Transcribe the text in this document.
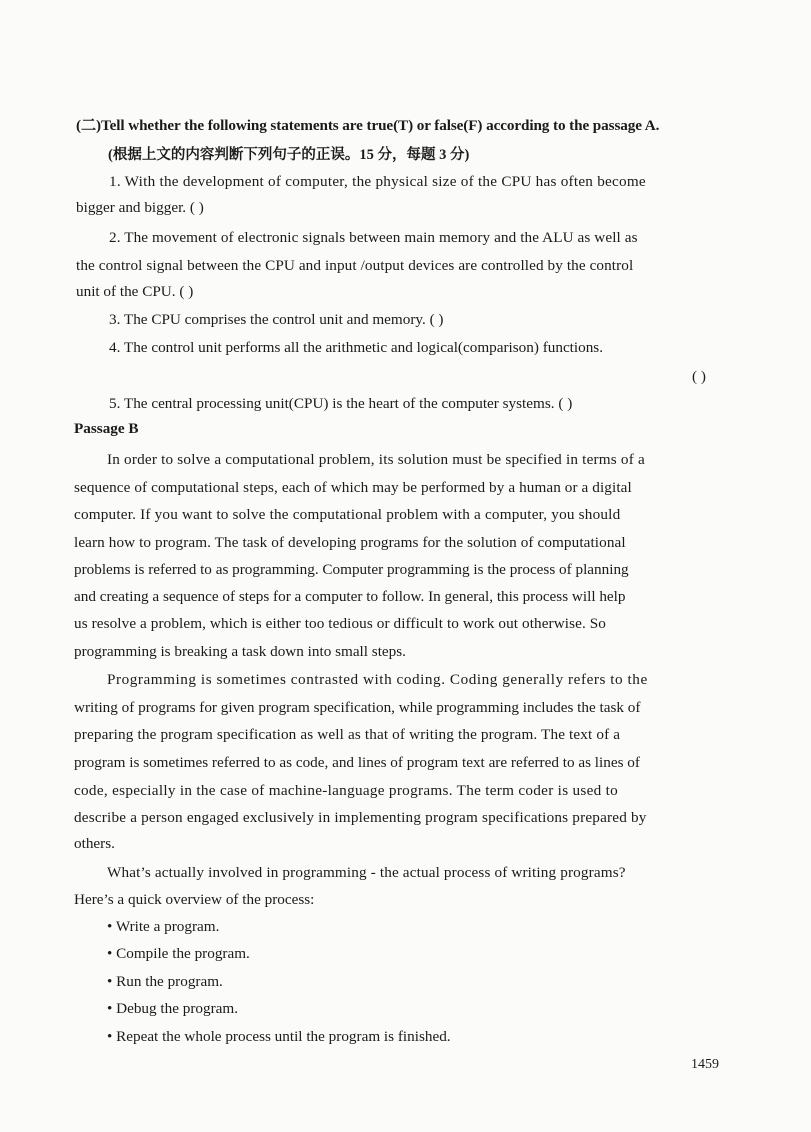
(二)Tell whether the following statements are true(T) or false(F) according to the passage A.
(根据上文的内容判断下列句子的正误。15 分，每题 3 分)
1. With the development of computer, the physical size of the CPU has often become
bigger and bigger. ( )
2. The movement of electronic signals between main memory and the ALU as well as
the control signal between the CPU and input /output devices are controlled by the control
unit of the CPU. ( )
3. The CPU comprises the control unit and memory. ( )
4. The control unit performs all the arithmetic and logical(comparison) functions.
( )
5. The central processing unit(CPU) is the heart of the computer systems. ( )
Passage B
In order to solve a computational problem, its solution must be specified in terms of a
sequence of computational steps, each of which may be performed by a human or a digital
computer. If you want to solve the computational problem with a computer, you should
learn how to program. The task of developing programs for the solution of computational
problems is referred to as programming. Computer programming is the process of planning
and creating a sequence of steps for a computer to follow. In general, this process will help
us resolve a problem, which is either too tedious or difficult to work out otherwise. So
programming is breaking a task down into small steps.
Programming is sometimes contrasted with coding. Coding generally refers to the
writing of programs for given program specification, while programming includes the task of
preparing the program specification as well as that of writing the program. The text of a
program is sometimes referred to as code, and lines of program text are referred to as lines of
code, especially in the case of machine-language programs. The term coder is used to
describe a person engaged exclusively in implementing program specifications prepared by
others.
What’s actually involved in programming - the actual process of writing programs?
Here’s a quick overview of the process:
• Write a program.
• Compile the program.
• Run the program.
• Debug the program.
• Repeat the whole process until the program is finished.
1459
